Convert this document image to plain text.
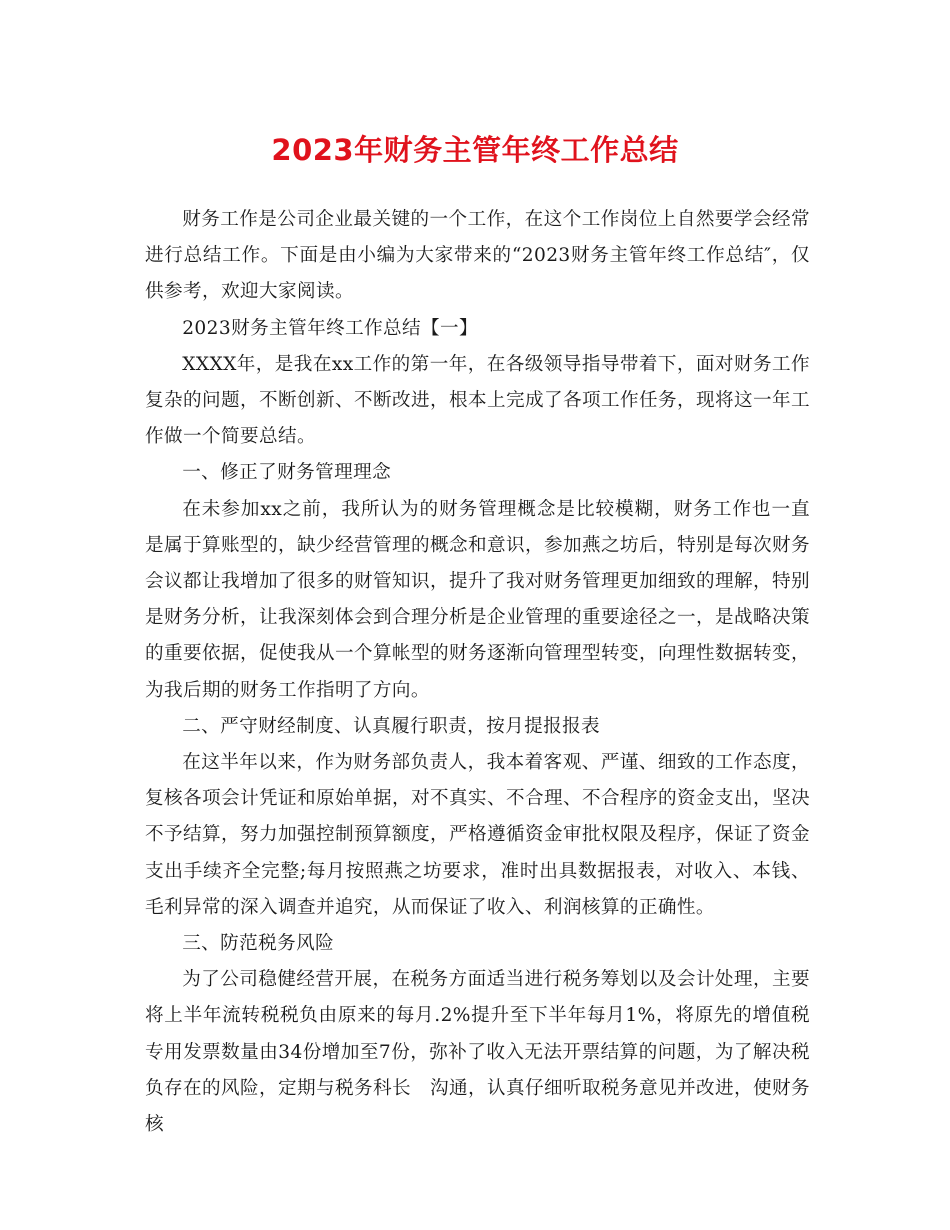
2023年财务主管年终工作总结

财务工作是公司企业最关键的一个工作，在这个工作岗位上自然要学会经常进行总结工作。下面是由小编为大家带来的“2023财务主管年终工作总结″，仅供参考，欢迎大家阅读。

2023财务主管年终工作总结【一】

XXXX年，是我在xx工作的第一年，在各级领导指导带着下，面对财务工作复杂的问题，不断创新、不断改进，根本上完成了各项工作任务，现将这一年工作做一个简要总结。

一、修正了财务管理理念

在未参加xx之前，我所认为的财务管理概念是比较模糊，财务工作也一直是属于算账型的，缺少经营管理的概念和意识，参加燕之坊后，特别是每次财务会议都让我增加了很多的财管知识，提升了我对财务管理更加细致的理解，特别是财务分析，让我深刻体会到合理分析是企业管理的重要途径之一，是战略决策的重要依据，促使我从一个算帐型的财务逐渐向管理型转变，向理性数据转变，为我后期的财务工作指明了方向。

二、严守财经制度、认真履行职责，按月提报报表

在这半年以来，作为财务部负责人，我本着客观、严谨、细致的工作态度，复核各项会计凭证和原始单据，对不真实、不合理、不合程序的资金支出，坚决不予结算，努力加强控制预算额度，严格遵循资金审批权限及程序，保证了资金支出手续齐全完整;每月按照燕之坊要求，准时出具数据报表，对收入、本钱、毛利异常的深入调查并追究，从而保证了收入、利润核算的正确性。

三、防范税务风险

为了公司稳健经营开展，在税务方面适当进行税务筹划以及会计处理，主要将上半年流转税税负由原来的每月.2%提升至下半年每月1%，将原先的增值税专用发票数量由34份增加至7份，弥补了收入无法开票结算的问题，为了解决税负存在的风险，定期与税务科长　沟通，认真仔细听取税务意见并改进，使财务核
